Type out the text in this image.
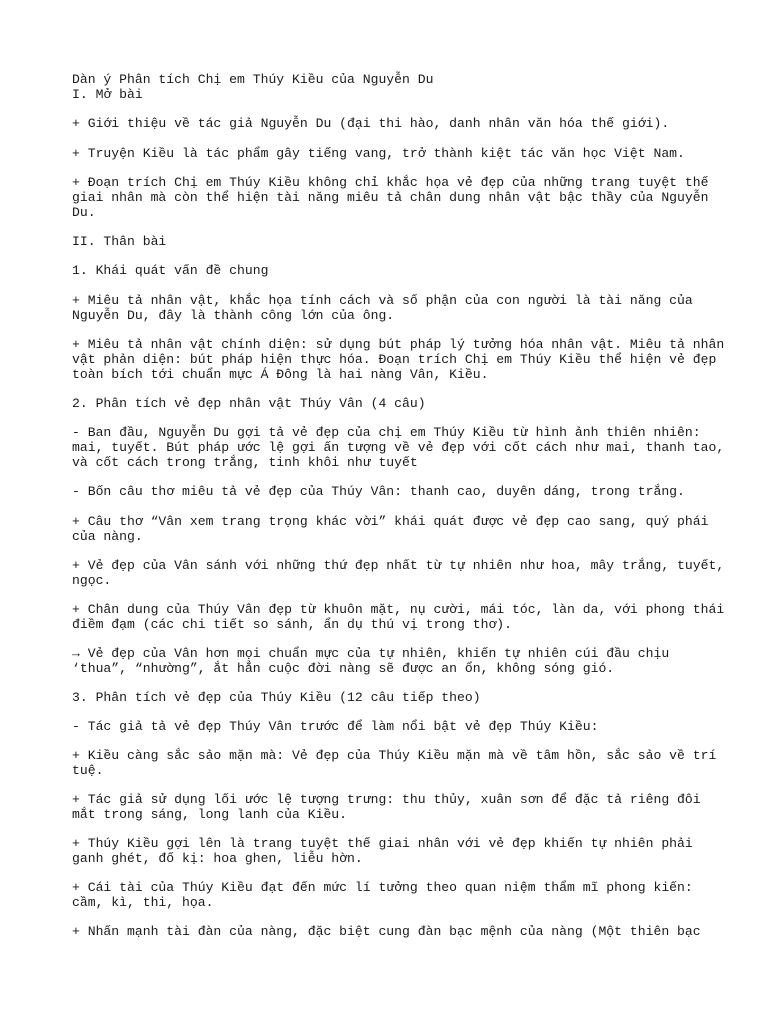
Dàn ý Phân tích Chị em Thúy Kiều của Nguyễn Du

I. Mở bài

+ Giới thiệu về tác giả Nguyễn Du (đại thi hào, danh nhân văn hóa thế giới).

+ Truyện Kiều là tác phẩm gây tiếng vang, trở thành kiệt tác văn học Việt Nam.

+ Đoạn trích Chị em Thúy Kiều không chỉ khắc họa vẻ đẹp của những trang tuyệt thế

giai nhân mà còn thể hiện tài năng miêu tả chân dung nhân vật bậc thầy của Nguyễn

Du.

II. Thân bài

1. Khái quát vấn đề chung

+ Miêu tả nhân vật, khắc họa tính cách và số phận của con người là tài năng của

Nguyễn Du, đây là thành công lớn của ông.

+ Miêu tả nhân vật chính diện: sử dụng bút pháp lý tưởng hóa nhân vật. Miêu tả nhân

vật phản diện: bút pháp hiện thực hóa. Đoạn trích Chị em Thúy Kiều thể hiện vẻ đẹp

toàn bích tới chuẩn mực Á Đông là hai nàng Vân, Kiều.

2. Phân tích vẻ đẹp nhân vật Thúy Vân (4 câu)

- Ban đầu, Nguyễn Du gợi tả vẻ đẹp của chị em Thúy Kiều từ hình ảnh thiên nhiên:

mai, tuyết. Bút pháp ước lệ gợi ấn tượng về vẻ đẹp với cốt cách như mai, thanh tao,

và cốt cách trong trắng, tinh khôi như tuyết

- Bốn câu thơ miêu tả vẻ đẹp của Thúy Vân: thanh cao, duyên dáng, trong trắng.

+ Câu thơ “Vân xem trang trọng khác vời” khái quát được vẻ đẹp cao sang, quý phái

của nàng.

+ Vẻ đẹp của Vân sánh với những thứ đẹp nhất từ tự nhiên như hoa, mây trắng, tuyết,

ngọc.

+ Chân dung của Thúy Vân đẹp từ khuôn mặt, nụ cười, mái tóc, làn da, với phong thái

điềm đạm (các chi tiết so sánh, ẩn dụ thú vị trong thơ).

→ Vẻ đẹp của Vân hơn mọi chuẩn mực của tự nhiên, khiến tự nhiên cúi đầu chịu

‘thua”, “nhường”, ắt hẳn cuộc đời nàng sẽ được an ổn, không sóng gió.

3. Phân tích vẻ đẹp của Thúy Kiều (12 câu tiếp theo)

- Tác giả tả vẻ đẹp Thúy Vân trước để làm nổi bật vẻ đẹp Thúy Kiều:

+ Kiều càng sắc sảo mặn mà: Vẻ đẹp của Thúy Kiều mặn mà về tâm hồn, sắc sảo về trí

tuệ.

+ Tác giả sử dụng lối ước lệ tượng trưng: thu thủy, xuân sơn để đặc tả riêng đôi

mắt trong sáng, long lanh của Kiều.

+ Thúy Kiều gợi lên là trang tuyệt thế giai nhân với vẻ đẹp khiến tự nhiên phải

ganh ghét, đố kị: hoa ghen, liễu hờn.

+ Cái tài của Thúy Kiều đạt đến mức lí tưởng theo quan niệm thẩm mĩ phong kiến:

cầm, kì, thi, họa.

+ Nhấn mạnh tài đàn của nàng, đặc biệt cung đàn bạc mệnh của nàng (Một thiên bạc
